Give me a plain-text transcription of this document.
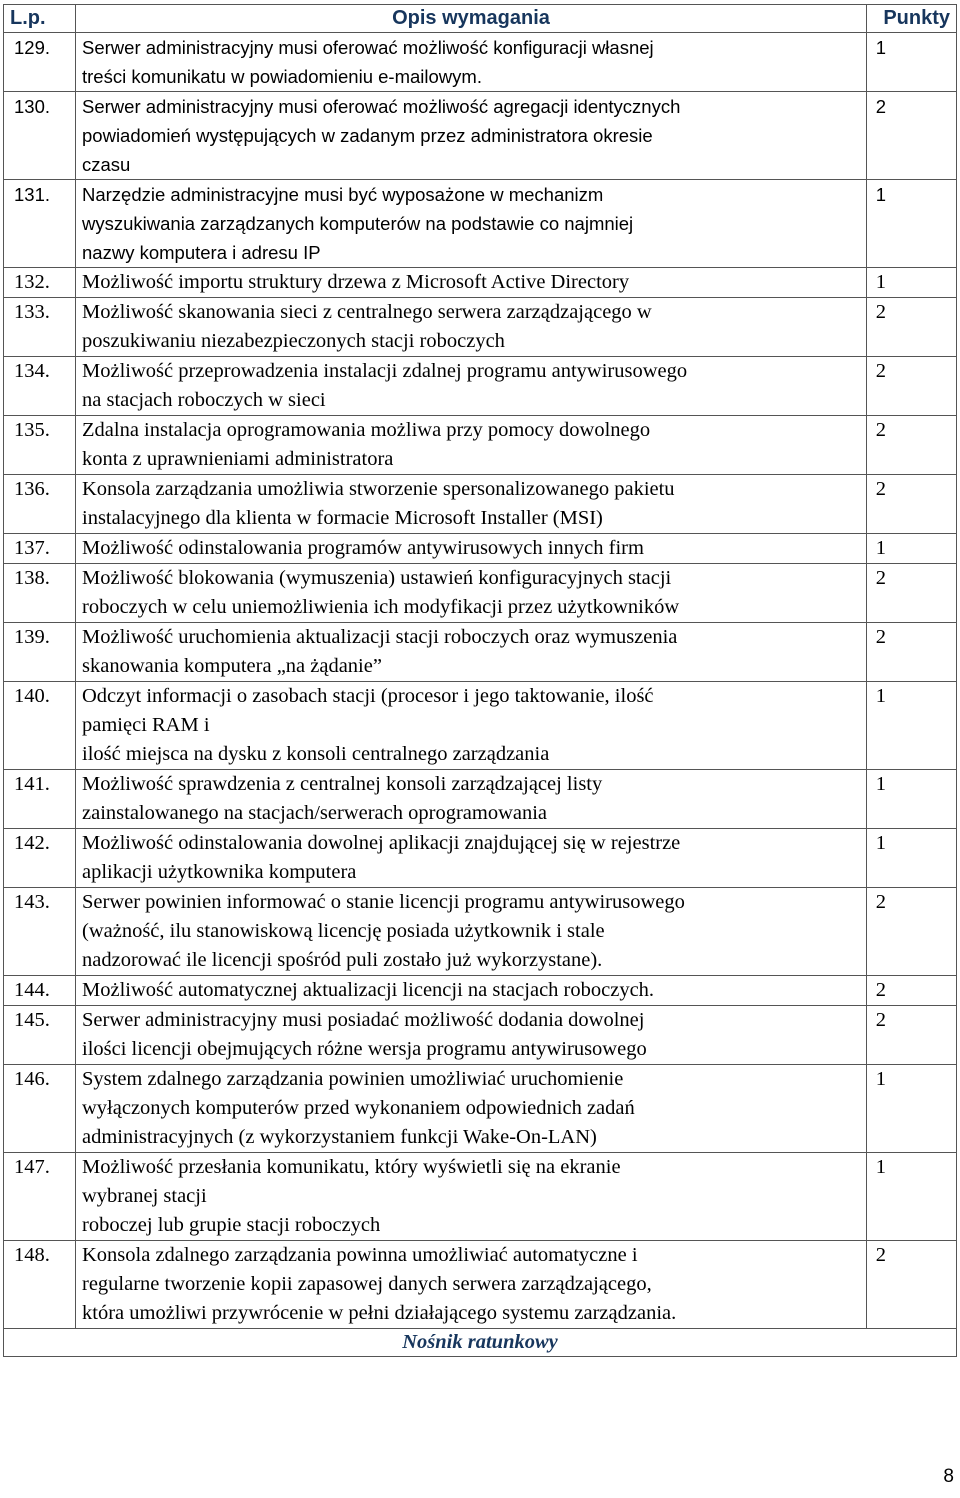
L.p.	Opis wymagania	Punkty
129.	Serwer administracyjny musi oferować możliwość konfiguracji własnej
treści komunikatu w powiadomieniu e-mailowym.	1
130.	Serwer administracyjny musi oferować możliwość agregacji identycznych
powiadomień występujących w zadanym przez administratora okresie
czasu	2
131.	Narzędzie administracyjne musi być wyposażone w mechanizm
wyszukiwania zarządzanych komputerów na podstawie co najmniej
nazwy komputera i adresu IP	1
132.	Możliwość importu struktury drzewa z Microsoft Active Directory	1
133.	Możliwość skanowania sieci z centralnego serwera zarządzającego w
poszukiwaniu niezabezpieczonych stacji roboczych	2
134.	Możliwość przeprowadzenia instalacji zdalnej programu antywirusowego
na stacjach roboczych w sieci	2
135.	Zdalna instalacja oprogramowania możliwa przy pomocy dowolnego
konta z uprawnieniami administratora	2
136.	Konsola zarządzania umożliwia stworzenie spersonalizowanego pakietu
instalacyjnego dla klienta w formacie Microsoft Installer (MSI)	2
137.	Możliwość odinstalowania programów antywirusowych innych firm	1
138.	Możliwość blokowania (wymuszenia) ustawień konfiguracyjnych stacji
roboczych w celu uniemożliwienia ich modyfikacji przez użytkowników	2
139.	Możliwość uruchomienia aktualizacji stacji roboczych oraz wymuszenia
skanowania komputera „na żądanie”	2
140.	Odczyt informacji o zasobach stacji (procesor i jego taktowanie, ilość
pamięci RAM i
ilość miejsca na dysku z konsoli centralnego zarządzania	1
141.	Możliwość sprawdzenia z centralnej konsoli zarządzającej listy
zainstalowanego na stacjach/serwerach oprogramowania	1
142.	Możliwość odinstalowania dowolnej aplikacji znajdującej się w rejestrze
aplikacji użytkownika komputera	1
143.	Serwer powinien informować o stanie licencji programu antywirusowego
(ważność, ilu stanowiskową licencję posiada użytkownik i stale
nadzorować ile licencji spośród puli zostało już wykorzystane).	2
144.	Możliwość automatycznej aktualizacji licencji na stacjach roboczych.	2
145.	Serwer administracyjny musi posiadać możliwość dodania dowolnej
ilości licencji obejmujących różne wersja programu antywirusowego	2
146.	System zdalnego zarządzania powinien umożliwiać uruchomienie
wyłączonych komputerów przed wykonaniem odpowiednich zadań
administracyjnych (z wykorzystaniem funkcji Wake-On-LAN)	1
147.	Możliwość przesłania komunikatu, który wyświetli się na ekranie
wybranej stacji
roboczej lub grupie stacji roboczych	1
148.	Konsola zdalnego zarządzania powinna umożliwiać automatyczne i
regularne tworzenie kopii zapasowej danych serwera zarządzającego,
która umożliwi przywrócenie w pełni działającego systemu zarządzania.	2
Nośnik ratunkowy		
8
